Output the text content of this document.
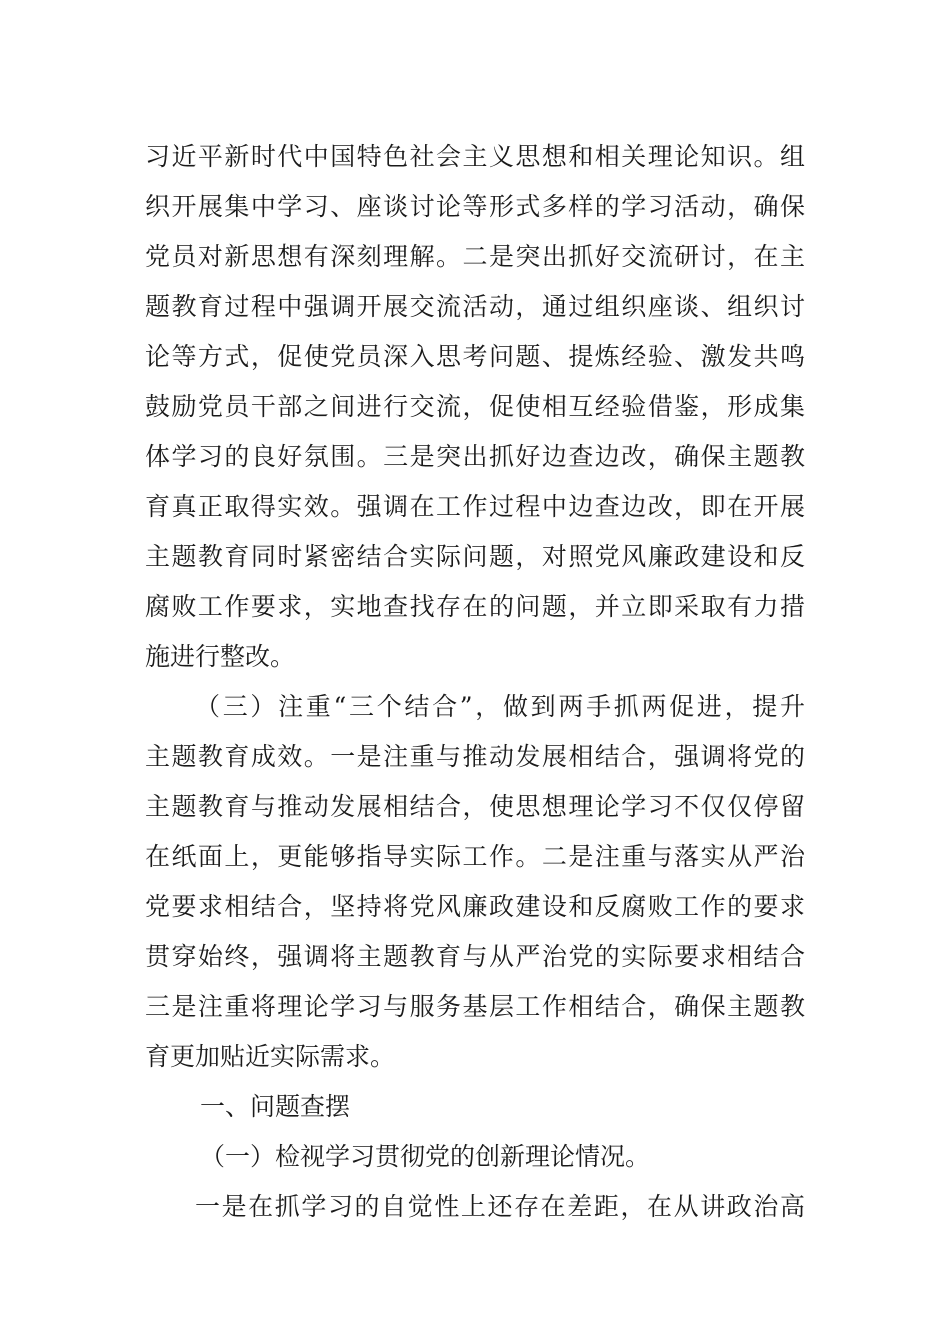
习近平新时代中国特色社会主义思想和相关理论知识。组
织开展集中学习、座谈讨论等形式多样的学习活动，确保
党员对新思想有深刻理解。二是突出抓好交流研讨，在主
题教育过程中强调开展交流活动，通过组织座谈、组织讨
论等方式，促使党员深入思考问题、提炼经验、激发共鸣
鼓励党员干部之间进行交流，促使相互经验借鉴，形成集
体学习的良好氛围。三是突出抓好边查边改，确保主题教
育真正取得实效。强调在工作过程中边查边改，即在开展
主题教育同时紧密结合实际问题，对照党风廉政建设和反
腐败工作要求，实地查找存在的问题，并立即采取有力措
施进行整改。
（三）注重“三个结合”，做到两手抓两促进，提升
主题教育成效。一是注重与推动发展相结合，强调将党的
主题教育与推动发展相结合，使思想理论学习不仅仅停留
在纸面上，更能够指导实际工作。二是注重与落实从严治
党要求相结合，坚持将党风廉政建设和反腐败工作的要求
贯穿始终，强调将主题教育与从严治党的实际要求相结合
三是注重将理论学习与服务基层工作相结合，确保主题教
育更加贴近实际需求。
一、问题查摆
（一）检视学习贯彻党的创新理论情况。
一是在抓学习的自觉性上还存在差距，在从讲政治高
